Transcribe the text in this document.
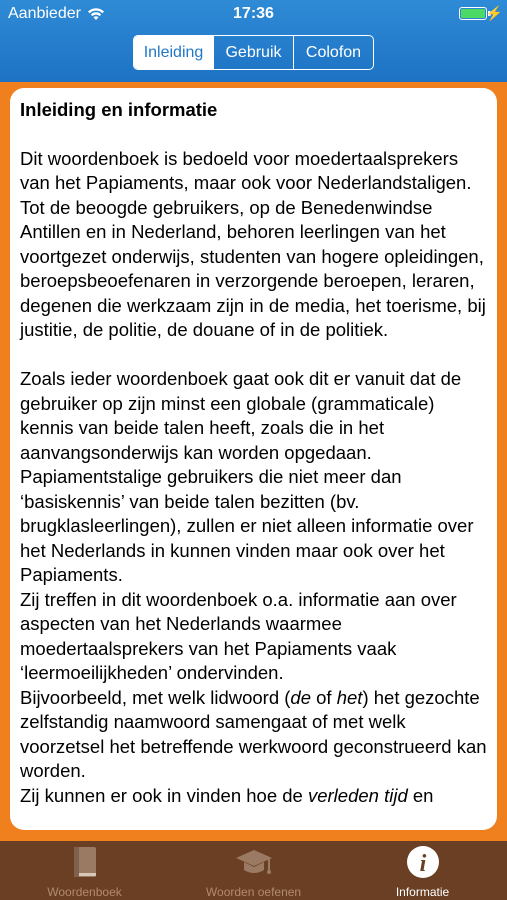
Aanbieder	17:36	⚡
Inleiding	Gebruik	Colofon
Inleiding en informatie

Dit woordenboek is bedoeld voor moedertaalsprekers van het Papiaments, maar ook voor Nederlandstaligen. Tot de beoogde gebruikers, op de Benedenwindse Antillen en in Nederland, behoren leerlingen van het voortgezet onderwijs, studenten van hogere opleidingen, beroepsbeoefenaren in verzorgende beroepen, leraren, degenen die werkzaam zijn in de media, het toerisme, bij justitie, de politie, de douane of in de politiek.

Zoals ieder woordenboek gaat ook dit er vanuit dat de gebruiker op zijn minst een globale (grammaticale) kennis van beide talen heeft, zoals die in het aanvangsonderwijs kan worden opgedaan. Papiamentstalige gebruikers die niet meer dan ‘basiskennis’ van beide talen bezitten (bv. brugklasleerlingen), zullen er niet alleen informatie over het Nederlands in kunnen vinden maar ook over het Papiaments.

Zij treffen in dit woordenboek o.a. informatie aan over aspecten van het Nederlands waarmee moedertaalsprekers van het Papiaments vaak ‘leermoeilijkheden’ ondervinden.

Bijvoorbeeld, met welk lidwoord (de of het) het gezochte zelfstandig naamwoord samengaat of met welk voorzetsel het betreffende werkwoord geconstrueerd kan worden.

Zij kunnen er ook in vinden hoe de verleden tijd en

Woordenboek	Woorden oefenen
i
Informatie
